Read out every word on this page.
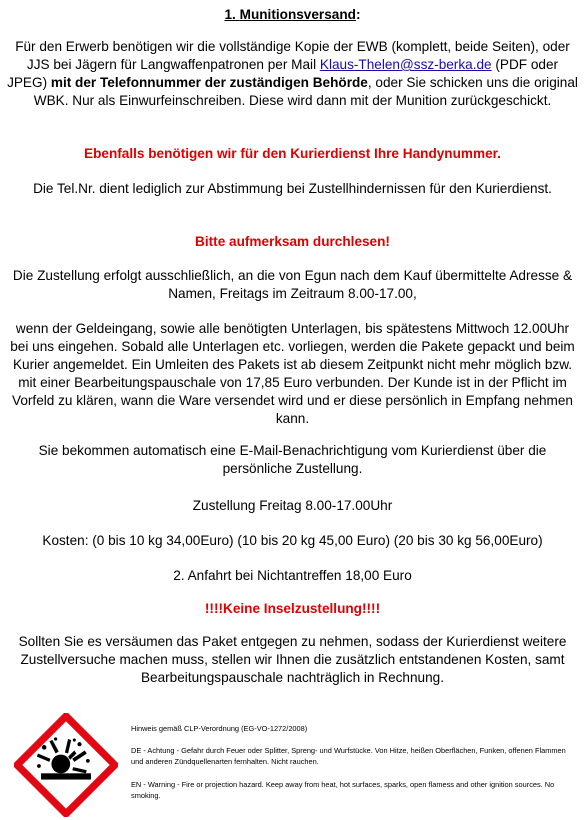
1. Munitionsversand:

Für den Erwerb benötigen wir die vollständige Kopie der EWB (komplett, beide Seiten), oder JJS bei Jägern für Langwaffenpatronen per Mail Klaus-Thelen@ssz-berka.de (PDF oder JPEG) mit der Telefonnummer der zuständigen Behörde, oder Sie schicken uns die original WBK. Nur als Einwurfeinschreiben. Diese wird dann mit der Munition zurückgeschickt.

Ebenfalls benötigen wir für den Kurierdienst Ihre Handynummer.

Die Tel.Nr. dient lediglich zur Abstimmung bei Zustellhindernissen für den Kurierdienst.

Bitte aufmerksam durchlesen!

Die Zustellung erfolgt ausschließlich, an die von Egun nach dem Kauf übermittelte Adresse & Namen, Freitags im Zeitraum 8.00-17.00,

wenn der Geldeingang, sowie alle benötigten Unterlagen, bis spätestens Mittwoch 12.00Uhr bei uns eingehen. Sobald alle Unterlagen etc. vorliegen, werden die Pakete gepackt und beim Kurier angemeldet. Ein Umleiten des Pakets ist ab diesem Zeitpunkt nicht mehr möglich bzw. mit einer Bearbeitungspauschale von 17,85 Euro verbunden. Der Kunde ist in der Pflicht im Vorfeld zu klären, wann die Ware versendet wird und er diese persönlich in Empfang nehmen kann.

Sie bekommen automatisch eine E-Mail-Benachrichtigung vom Kurierdienst über die persönliche Zustellung.

Zustellung Freitag 8.00-17.00Uhr

Kosten: (0 bis 10 kg 34,00Euro) (10 bis 20 kg 45,00 Euro) (20 bis 30 kg 56,00Euro)

2. Anfahrt bei Nichtantreffen 18,00 Euro

!!!!Keine Inselzustellung!!!!

Sollten Sie es versäumen das Paket entgegen zu nehmen, sodass der Kurierdienst weitere Zustellversuche machen muss, stellen wir Ihnen die zusätzlich entstandenen Kosten, samt Bearbeitungspauschale nachträglich in Rechnung.

Hinweis gemäß CLP-Verordnung (EG-VO-1272/2008)

DE - Achtung - Gefahr durch Feuer oder Splitter, Spreng- und Wurfstücke. Von Hitze, heißen Oberflächen, Funken, offenen Flammen und anderen Zündquellenarten fernhalten. Nicht rauchen.

EN - Warning - Fire or projection hazard. Keep away from heat, hot surfaces, sparks, open flamess and other ignition sources. No smoking.
